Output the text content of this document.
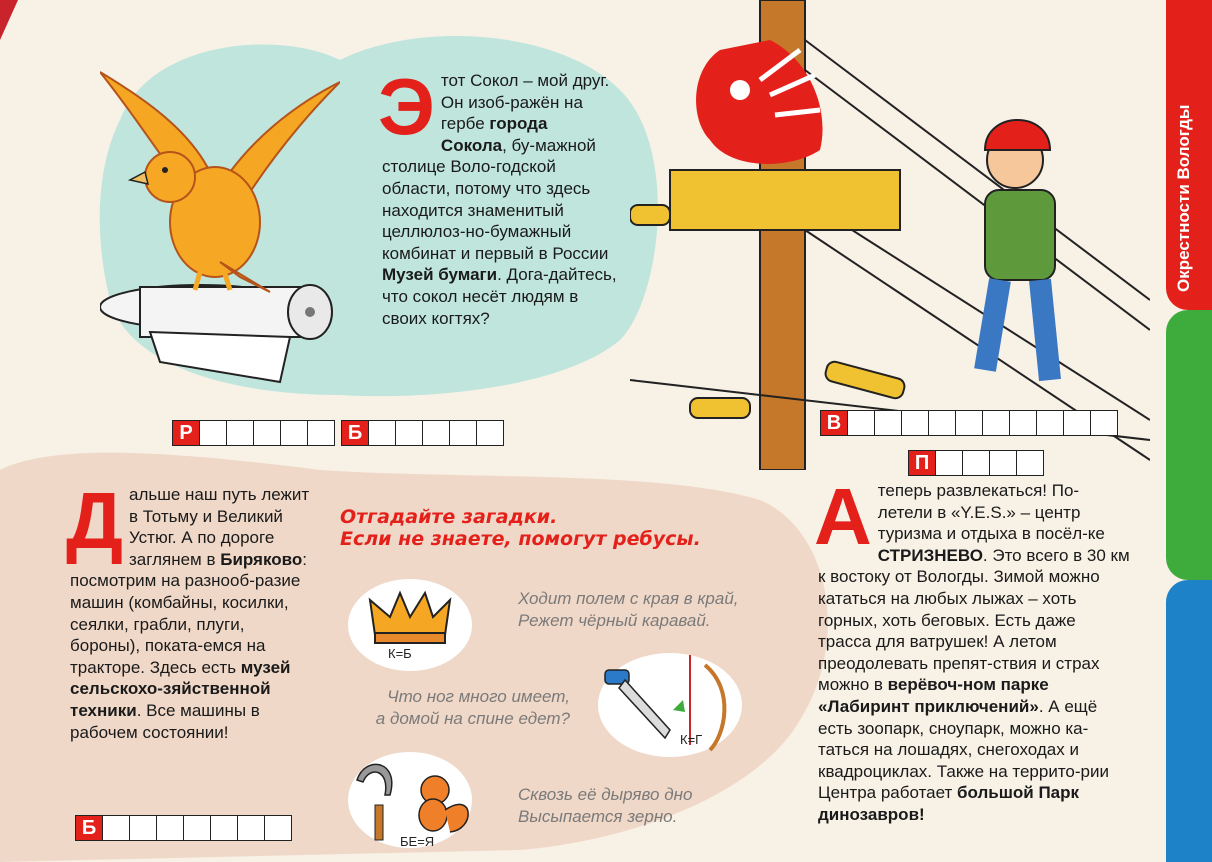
Этот Сокол – мой друг. Он изоб-ражён на гербе города Сокола, бу-мажной столице Воло-годской области, потому что здесь находится знаменитый целлюлоз-но-бумажный комбинат и первый в России Музей бумаги. Дога-дайтесь, что сокол несёт людям в своих когтях?
Р	Б	В
П
Б
Дальше наш путь лежит в Тотьму и Великий Устюг. А по дороге заглянем в Биряково: посмотрим на разнооб-разие машин (комбайны, косилки, сеялки, грабли, плуги, бороны), поката-емся на тракторе. Здесь есть музей сельскохо-зяйственной техники. Все машины в рабочем состоянии!
Отгадайте загадки.
Если не знаете, помогут ребусы.
К=Б
Ходит полем с края в край,
Режет чёрный каравай.
Что ног много имеет,
а домой на спине едет?
К=Г
БЕ=Я
Сквозь её дыряво дно
Высыпается зерно.
Атеперь развлекаться! По-летели в «Y.E.S.» – центр туризма и отдыха в посёл-ке СТРИЗНЕВО. Это всего в 30 км к востоку от Вологды. Зимой можно кататься на любых лыжах – хоть горных, хоть беговых. Есть даже трасса для ватрушек! А летом преодолевать препят-ствия и страх можно в верёвоч-ном парке «Лабиринт приключений». А ещё есть зоопарк, сноупарк, можно ка-таться на лошадях, снегоходах и квадроциклах. Также на террито-рии Центра работает большой Парк динозавров!
Окрестности Вологды
